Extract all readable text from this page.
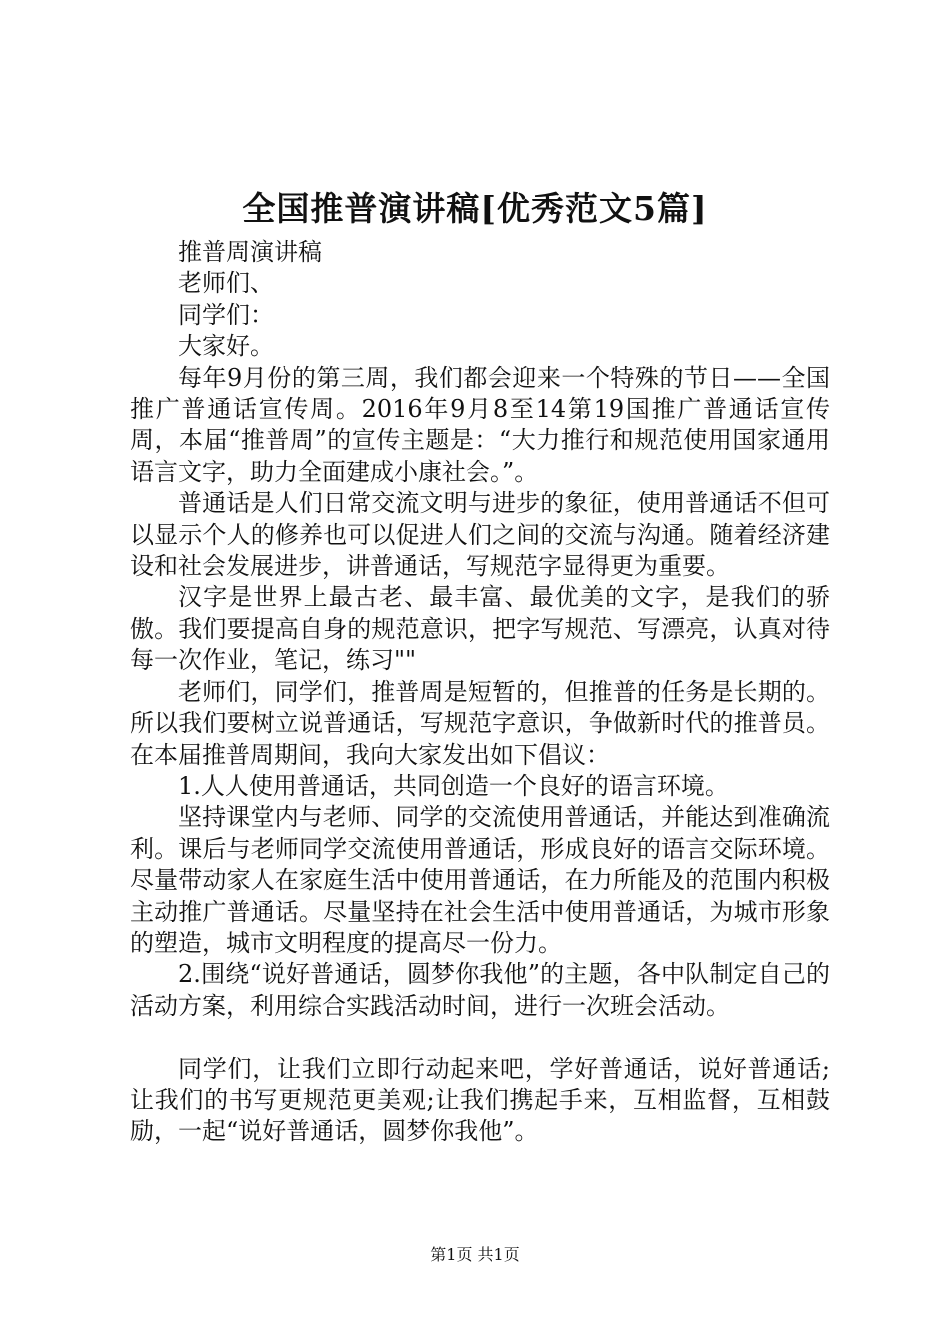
全国推普演讲稿[优秀范文5篇]

推普周演讲稿

老师们、

同学们：

大家好。

每年9月份的第三周，我们都会迎来一个特殊的节日——全国推广普通话宣传周。2016年9月8至14第19国推广普通话宣传周，本届“推普周”的宣传主题是：“大力推行和规范使用国家通用语言文字，助力全面建成小康社会。”。

普通话是人们日常交流文明与进步的象征，使用普通话不但可以显示个人的修养也可以促进人们之间的交流与沟通。随着经济建设和社会发展进步，讲普通话，写规范字显得更为重要。

汉字是世界上最古老、最丰富、最优美的文字，是我们的骄傲。我们要提高自身的规范意识，把字写规范、写漂亮，认真对待每一次作业，笔记，练习""

老师们，同学们，推普周是短暂的，但推普的任务是长期的。所以我们要树立说普通话，写规范字意识，争做新时代的推普员。在本届推普周期间，我向大家发出如下倡议：

1.人人使用普通话，共同创造一个良好的语言环境。

坚持课堂内与老师、同学的交流使用普通话，并能达到准确流利。课后与老师同学交流使用普通话，形成良好的语言交际环境。尽量带动家人在家庭生活中使用普通话，在力所能及的范围内积极主动推广普通话。尽量坚持在社会生活中使用普通话，为城市形象的塑造，城市文明程度的提高尽一份力。

2.围绕“说好普通话，圆梦你我他”的主题，各中队制定自己的活动方案，利用综合实践活动时间，进行一次班会活动。

同学们，让我们立即行动起来吧，学好普通话，说好普通话;让我们的书写更规范更美观;让我们携起手来，互相监督，互相鼓励，一起“说好普通话，圆梦你我他”。

第1页 共1页
